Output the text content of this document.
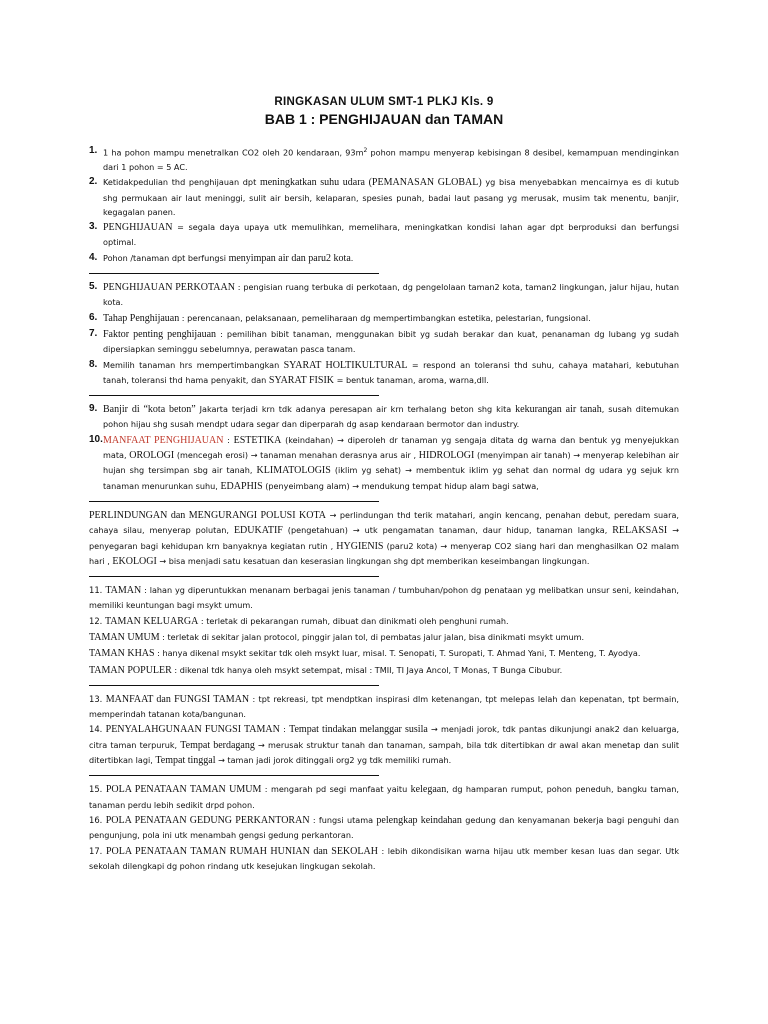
RINGKASAN ULUM SMT-1 PLKJ Kls. 9
BAB 1 : PENGHIJAUAN dan TAMAN
1. 1 ha pohon mampu menetralkan CO2 oleh 20 kendaraan, $93m^2$ pohon mampu menyerap kebisingan 8 desibel, kemampuan mendinginkan dari 1 pohon = 5 AC.
2. Ketidakpedulian thd penghijauan dpt meningkatkan suhu udara (PEMANASAN GLOBAL) yg bisa menyebabkan mencairnya es di kutub shg permukaan air laut meninggi, sulit air bersih, kelaparan, spesies punah, badai laut pasang yg merusak, musim tak menentu, banjir, kegagalan panen.
3. PENGHIJAUAN = segala daya upaya utk memulihkan, memelihara, meningkatkan kondisi lahan agar dpt berproduksi dan berfungsi optimal.
4. Pohon /tanaman dpt berfungsi menyimpan air dan paru2 kota.
5. PENGHIJAUAN PERKOTAAN : pengisian ruang terbuka di perkotaan, dg pengelolaan taman2 kota, taman2 lingkungan, jalur hijau, hutan kota.
6. Tahap Penghijauan : perencanaan, pelaksanaan, pemeliharaan dg mempertimbangkan estetika, pelestarian, fungsional.
7. Faktor penting penghijauan : pemilihan bibit tanaman, menggunakan bibit yg sudah berakar dan kuat, penanaman dg lubang yg sudah dipersiapkan seminggu sebelumnya, perawatan pasca tanam.
8. Memilih tanaman hrs mempertimbangkan SYARAT HOLTIKULTURAL = respond an toleransi thd suhu, cahaya matahari, kebutuhan tanah, toleransi thd hama penyakit, dan SYARAT FISIK = bentuk tanaman, aroma, warna,dll.
9. Banjir di “kota beton” Jakarta terjadi krn tdk adanya peresapan air krn terhalang beton shg kita kekurangan air tanah, susah ditemukan pohon hijau shg susah mendpt udara segar dan diperparah dg asap kendaraan bermotor dan industry.
10. MANFAAT PENGHIJAUAN : ESTETIKA (keindahan) → diperoleh dr tanaman yg sengaja ditata dg warna dan bentuk yg menyejukkan mata, OROLOGI (mencegah erosi) → tanaman menahan derasnya arus air , HIDROLOGI (menyimpan air tanah) → menyerap kelebihan air hujan shg tersimpan sbg air tanah, KLIMATOLOGIS (iklim yg sehat) → membentuk iklim yg sehat dan normal dg udara yg sejuk krn tanaman menurunkan suhu, EDAPHIS (penyeimbang alam) → mendukung tempat hidup alam bagi satwa,
PERLINDUNGAN dan MENGURANGI POLUSI KOTA → perlindungan thd terik matahari, angin kencang, penahan debut, peredam suara, cahaya silau, menyerap polutan, EDUKATIF (pengetahuan) → utk pengamatan tanaman, daur hidup, tanaman langka, RELAKSASI → penyegaran bagi kehidupan krn banyaknya kegiatan rutin , HYGIENIS (paru2 kota) → menyerap CO2 siang hari dan menghasilkan O2 malam hari , EKOLOGI → bisa menjadi satu kesatuan dan keserasian lingkungan shg dpt memberikan keseimbangan lingkungan.
11. TAMAN : lahan yg diperuntukkan menanam berbagai jenis tanaman / tumbuhan/pohon dg penataan yg melibatkan unsur seni, keindahan, memiliki keuntungan bagi msykt umum.
12. TAMAN KELUARGA : terletak di pekarangan rumah, dibuat dan dinikmati oleh penghuni rumah.
TAMAN UMUM : terletak di sekitar jalan protocol, pinggir jalan tol, di pembatas jalur jalan, bisa dinikmati msykt umum.
TAMAN KHAS : hanya dikenal msykt sekitar tdk oleh msykt luar, misal. T. Senopati, T. Suropati, T. Ahmad Yani, T. Menteng, T. Ayodya.
TAMAN POPULER : dikenal tdk hanya oleh msykt setempat, misal : TMII, TI Jaya Ancol, T Monas, T Bunga Cibubur.
13. MANFAAT dan FUNGSI TAMAN : tpt rekreasi, tpt mendptkan inspirasi dlm ketenangan, tpt melepas lelah dan kepenatan, tpt bermain, memperindah tatanan kota/bangunan.
14. PENYALAHGUNAAN FUNGSI TAMAN : Tempat tindakan melanggar susila → menjadi jorok, tdk pantas dikunjungi anak2 dan keluarga, citra taman terpuruk, Tempat berdagang → merusak struktur tanah dan tanaman, sampah, bila tdk ditertibkan dr awal akan menetap dan sulit ditertibkan lagi, Tempat tinggal → taman jadi jorok ditinggali org2 yg tdk memiliki rumah.
15. POLA PENATAAN TAMAN UMUM : mengarah pd segi manfaat yaitu kelegaan, dg hamparan rumput, pohon peneduh, bangku taman, tanaman perdu lebih sedikit drpd pohon.
16. POLA PENATAAN GEDUNG PERKANTORAN : fungsi utama pelengkap keindahan gedung dan kenyamanan bekerja bagi penguhi dan pengunjung, pola ini utk menambah gengsi gedung perkantoran.
17. POLA PENATAAN TAMAN RUMAH HUNIAN dan SEKOLAH : lebih dikondisikan warna hijau utk member kesan luas dan segar. Utk sekolah dilengkapi dg pohon rindang utk kesejukan lingkugan sekolah.
